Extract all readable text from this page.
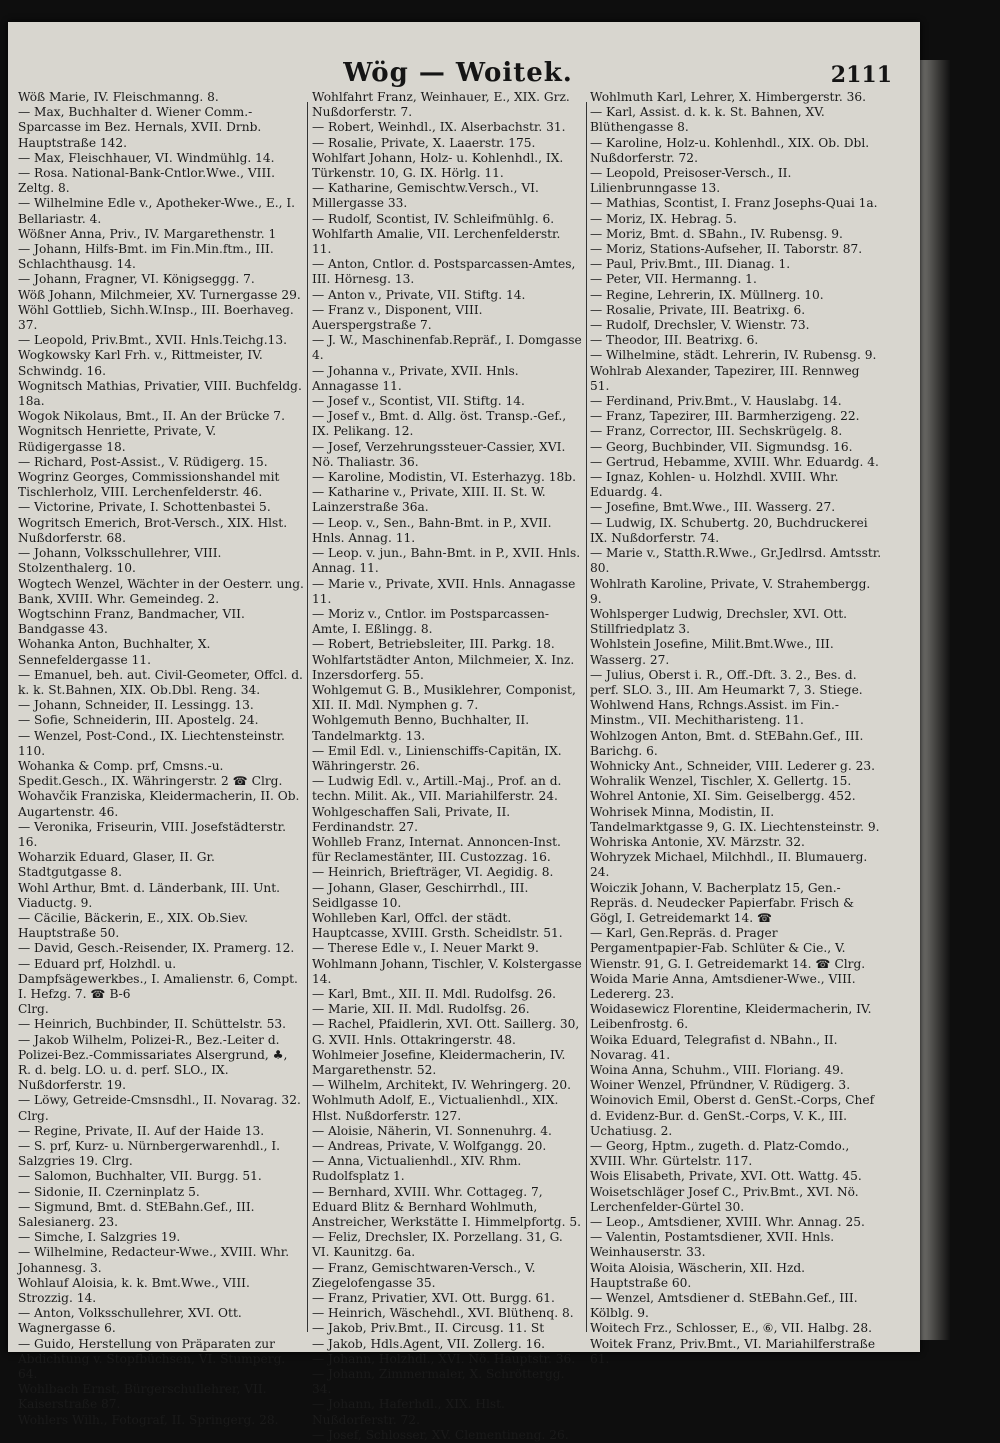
Wög — Woitek.	2111

Wöß Marie, IV. Fleischmanng. 8.

— Max, Buchhalter d. Wiener Comm.-Sparcasse im Bez. Hernals, XVII. Drnb. Hauptstraße 142.

— Max, Fleischhauer, VI. Windmühlg. 14.

— Rosa. National-Bank-Cntlor.Wwe., VIII. Zeltg. 8.

— Wilhelmine Edle v., Apotheker-Wwe., E., I. Bellariastr. 4.

Wößner Anna, Priv., IV. Margarethenstr. 1

— Johann, Hilfs-Bmt. im Fin.Min.ftm., III. Schlachthausg. 14.

— Johann, Fragner, VI. Königseggg. 7.

Wöß Johann, Milchmeier, XV. Turnergasse 29.

Wöhl Gottlieb, Sichh.W.Insp., III. Boerhaveg. 37.

— Leopold, Priv.Bmt., XVII. Hnls.Teichg.13.

Wogkowsky Karl Frh. v., Rittmeister, IV. Schwindg. 16.

Wognitsch Mathias, Privatier, VIII. Buchfeldg. 18a.

Wogok Nikolaus, Bmt., II. An der Brücke 7.

Wognitsch Henriette, Private, V. Rüdigergasse 18.

— Richard, Post-Assist., V. Rüdigerg. 15.

Wogrinz Georges, Commissionshandel mit Tischlerholz, VIII. Lerchenfelderstr. 46.

— Victorine, Private, I. Schottenbastei 5.

Wogritsch Emerich, Brot-Versch., XIX. Hlst. Nußdorferstr. 68.

— Johann, Volksschullehrer, VIII. Stolzenthalerg. 10.

Wogtech Wenzel, Wächter in der Oesterr. ung. Bank, XVIII. Whr. Gemeindeg. 2.

Wogtschinn Franz, Bandmacher, VII. Bandgasse 43.

Wohanka Anton, Buchhalter, X. Sennefeldergasse 11.

— Emanuel, beh. aut. Civil-Geometer, Offcl. d. k. k. St.Bahnen, XIX. Ob.Dbl. Reng. 34.

— Johann, Schneider, II. Lessingg. 13.

— Sofie, Schneiderin, III. Apostelg. 24.

— Wenzel, Post-Cond., IX. Liechtensteinstr. 110.

Wohanka & Comp. prf, Cmsns.-u. Spedit.Gesch., IX. Währingerstr. 2 ☎ Clrg.

Wohavčik Franziska, Kleidermacherin, II. Ob. Augartenstr. 46.

— Veronika, Friseurin, VIII. Josefstädterstr. 16.

Woharzik Eduard, Glaser, II. Gr. Stadtgutgasse 8.

Wohl Arthur, Bmt. d. Länderbank, III. Unt. Viaductg. 9.

— Cäcilie, Bäckerin, E., XIX. Ob.Siev. Hauptstraße 50.

— David, Gesch.-Reisender, IX. Pramerg. 12.

— Eduard prf, Holzhdl. u. Dampfsägewerkbes., I. Amalienstr. 6, Compt. I. Hefzg. 7. ☎ B-6

Clrg.

— Heinrich, Buchbinder, II. Schüttelstr. 53.

— Jakob Wilhelm, Polizei-R., Bez.-Leiter d. Polizei-Bez.-Commissariates Alsergrund, ♣, R. d. belg. LO. u. d. perf. SLO., IX. Nußdorferstr. 19.

— Löwy, Getreide-Cmsnsdhl., II. Novarag. 32.

Clrg.

— Regine, Private, II. Auf der Haide 13.

— S. prf, Kurz- u. Nürnbergerwarenhdl., I. Salzgries 19. Clrg.

— Salomon, Buchhalter, VII. Burgg. 51.

— Sidonie, II. Czerninplatz 5.

— Sigmund, Bmt. d. StEBahn.Gef., III. Salesianerg. 23.

— Simche, I. Salzgries 19.

— Wilhelmine, Redacteur-Wwe., XVIII. Whr. Johannesg. 3.

Wohlauf Aloisia, k. k. Bmt.Wwe., VIII. Strozzig. 14.

— Anton, Volksschullehrer, XVI. Ott. Wagnergasse 6.

— Guido, Herstellung von Präparaten zur Abdichtung v. Stopfbüchsen, VI. Stumperg. 64.

Wohlbach Ernst, Bürgerschullehrer, VII. Kaiserstraße 87.

Wohlers Wilh., Fotograf, II. Springerg. 28.

Wohlfahrt Franz, Weinhauer, E., XIX. Grz. Nußdorferstr. 7.

— Robert, Weinhdl., IX. Alserbachstr. 31.

— Rosalie, Private, X. Laaerstr. 175.

Wohlfart Johann, Holz- u. Kohlenhdl., IX. Türkenstr. 10, G. IX. Hörlg. 11.

— Katharine, Gemischtw.Versch., VI. Millergasse 33.

— Rudolf, Scontist, IV. Schleifmühlg. 6.

Wohlfarth Amalie, VII. Lerchenfelderstr. 11.

— Anton, Cntlor. d. Postsparcassen-Amtes, III. Hörnesg. 13.

— Anton v., Private, VII. Stiftg. 14.

— Franz v., Disponent, VIII. Auerspergstraße 7.

— J. W., Maschinenfab.Repräf., I. Domgasse 4.

— Johanna v., Private, XVII. Hnls. Annagasse 11.

— Josef v., Scontist, VII. Stiftg. 14.

— Josef v., Bmt. d. Allg. öst. Transp.-Gef., IX. Pelikang. 12.

— Josef, Verzehrungssteuer-Cassier, XVI. Nö. Thaliastr. 36.

— Karoline, Modistin, VI. Esterhazyg. 18b.

— Katharine v., Private, XIII. II. St. W. Lainzerstraße 36a.

— Leop. v., Sen., Bahn-Bmt. in P., XVII. Hnls. Annag. 11.

— Leop. v. jun., Bahn-Bmt. in P., XVII. Hnls. Annag. 11.

— Marie v., Private, XVII. Hnls. Annagasse 11.

— Moriz v., Cntlor. im Postsparcassen-Amte, I. Eßlingg. 8.

— Robert, Betriebsleiter, III. Parkg. 18.

Wohlfartstädter Anton, Milchmeier, X. Inz. Inzersdorferg. 55.

Wohlgemut G. B., Musiklehrer, Componist, XII. II. Mdl. Nymphen g. 7.

Wohlgemuth Benno, Buchhalter, II. Tandelmarktg. 13.

— Emil Edl. v., Linienschiffs-Capitän, IX. Währingerstr. 26.

— Ludwig Edl. v., Artill.-Maj., Prof. an d. techn. Milit. Ak., VII. Mariahilferstr. 24.

Wohlgeschaffen Sali, Private, II. Ferdinandstr. 27.

Wohlleb Franz, Internat. Annoncen-Inst. für Reclamestänter, III. Custozzag. 16.

— Heinrich, Briefträger, VI. Aegidig. 8.

— Johann, Glaser, Geschirrhdl., III. Seidlgasse 10.

Wohlleben Karl, Offcl. der städt. Hauptcasse, XVIII. Grsth. Scheidlstr. 51.

— Therese Edle v., I. Neuer Markt 9.

Wohlmann Johann, Tischler, V. Kolstergasse 14.

— Karl, Bmt., XII. II. Mdl. Rudolfsg. 26.

— Marie, XII. II. Mdl. Rudolfsg. 26.

— Rachel, Pfaidlerin, XVI. Ott. Saillerg. 30, G. XVII. Hnls. Ottakringerstr. 48.

Wohlmeier Josefine, Kleidermacherin, IV. Margarethenstr. 52.

— Wilhelm, Architekt, IV. Wehringerg. 20.

Wohlmuth Adolf, E., Victualienhdl., XIX. Hlst. Nußdorferstr. 127.

— Aloisie, Näherin, VI. Sonnenuhrg. 4.

— Andreas, Private, V. Wolfgangg. 20.

— Anna, Victualienhdl., XIV. Rhm. Rudolfsplatz 1.

— Bernhard, XVIII. Whr. Cottageg. 7, Eduard Blitz & Bernhard Wohlmuth, Anstreicher, Werkstätte I. Himmelpfortg. 5.

— Feliz, Drechsler, IX. Porzellang. 31, G. VI. Kaunitzg. 6a.

— Franz, Gemischtwaren-Versch., V. Ziegelofengasse 35.

— Franz, Privatier, XVI. Ott. Burgg. 61.

— Heinrich, Wäschehdl., XVI. Blüthenq. 8.

— Jakob, Priv.Bmt., II. Circusg. 11. St

— Jakob, Hdls.Agent, VII. Zollerg. 16.

— Johann, Holzhdl., XVI. Nö. Hauptstr. 36.

— Johann, Zimmermaler, X. Schröttergg. 34.

— Johann, Haferhdl., XIX. Hlst. Nußdorferstr. 72.

— Josef, Schlosser, XV. Clementineng. 26.

Wohlmuth Karl, Lehrer, X. Himbergerstr. 36.

— Karl, Assist. d. k. k. St. Bahnen, XV. Blüthengasse 8.

— Karoline, Holz-u. Kohlenhdl., XIX. Ob. Dbl. Nußdorferstr. 72.

— Leopold, Preisoser-Versch., II. Lilienbrunngasse 13.

— Mathias, Scontist, I. Franz Josephs-Quai 1a.

— Moriz, IX. Hebrag. 5.

— Moriz, Bmt. d. SBahn., IV. Rubensg. 9.

— Moriz, Stations-Aufseher, II. Taborstr. 87.

— Paul, Priv.Bmt., III. Dianag. 1.

— Peter, VII. Hermanng. 1.

— Regine, Lehrerin, IX. Müllnerg. 10.

— Rosalie, Private, III. Beatrixg. 6.

— Rudolf, Drechsler, V. Wienstr. 73.

— Theodor, III. Beatrixg. 6.

— Wilhelmine, städt. Lehrerin, IV. Rubensg. 9.

Wohlrab Alexander, Tapezirer, III. Rennweg 51.

— Ferdinand, Priv.Bmt., V. Hauslabg. 14.

— Franz, Tapezirer, III. Barmherzigeng. 22.

— Franz, Corrector, III. Sechskrügelg. 8.

— Georg, Buchbinder, VII. Sigmundsg. 16.

— Gertrud, Hebamme, XVIII. Whr. Eduardg. 4.

— Ignaz, Kohlen- u. Holzhdl. XVIII. Whr. Eduardg. 4.

— Josefine, Bmt.Wwe., III. Wasserg. 27.

— Ludwig, IX. Schubertg. 20, Buchdruckerei IX. Nußdorferstr. 74.

— Marie v., Statth.R.Wwe., Gr.Jedlrsd. Amtsstr. 80.

Wohlrath Karoline, Private, V. Strahembergg. 9.

Wohlsperger Ludwig, Drechsler, XVI. Ott. Stillfriedplatz 3.

Wohlstein Josefine, Milit.Bmt.Wwe., III. Wasserg. 27.

— Julius, Oberst i. R., Off.-Dft. 3. 2., Bes. d. perf. SLO. 3., III. Am Heumarkt 7, 3. Stiege.

Wohlwend Hans, Rchngs.Assist. im Fin.-Minstm., VII. Mechitharisteng. 11.

Wohlzogen Anton, Bmt. d. StEBahn.Gef., III. Barichg. 6.

Wohnicky Ant., Schneider, VIII. Lederer g. 23.

Wohralik Wenzel, Tischler, X. Gellertg. 15.

Wohrel Antonie, XI. Sim. Geiselbergg. 452.

Wohrisek Minna, Modistin, II. Tandelmarktgasse 9, G. IX. Liechtensteinstr. 9.

Wohriska Antonie, XV. Märzstr. 32.

Wohryzek Michael, Milchhdl., II. Blumauerg. 24.

Woiczik Johann, V. Bacherplatz 15, Gen.-Repräs. d. Neudecker Papierfabr. Frisch & Gögl, I. Getreidemarkt 14. ☎

— Karl, Gen.Repräs. d. Prager Pergamentpapier-Fab. Schlüter & Cie., V. Wienstr. 91, G. I. Getreidemarkt 14. ☎ Clrg.

Woida Marie Anna, Amtsdiener-Wwe., VIII. Ledererg. 23.

Woidasewicz Florentine, Kleidermacherin, IV. Leibenfrostg. 6.

Woika Eduard, Telegrafist d. NBahn., II. Novarag. 41.

Woina Anna, Schuhm., VIII. Floriang. 49.

Woiner Wenzel, Pfründner, V. Rüdigerg. 3.

Woinovich Emil, Oberst d. GenSt.-Corps, Chef d. Evidenz-Bur. d. GenSt.-Corps, V. K., III. Uchatiusg. 2.

— Georg, Hptm., zugeth. d. Platz-Comdo., XVIII. Whr. Gürtelstr. 117.

Wois Elisabeth, Private, XVI. Ott. Wattg. 45.

Woisetschläger Josef C., Priv.Bmt., XVI. Nö. Lerchenfelder-Gürtel 30.

— Leop., Amtsdiener, XVIII. Whr. Annag. 25.

— Valentin, Postamtsdiener, XVII. Hnls. Weinhauserstr. 33.

Woita Aloisia, Wäscherin, XII. Hzd. Hauptstraße 60.

— Wenzel, Amtsdiener d. StEBahn.Gef., III. Kölblg. 9.

Woitech Frz., Schlosser, E., ⑥, VII. Halbg. 28.

Woitek Franz, Priv.Bmt., VI. Mariahilferstraße 61.
